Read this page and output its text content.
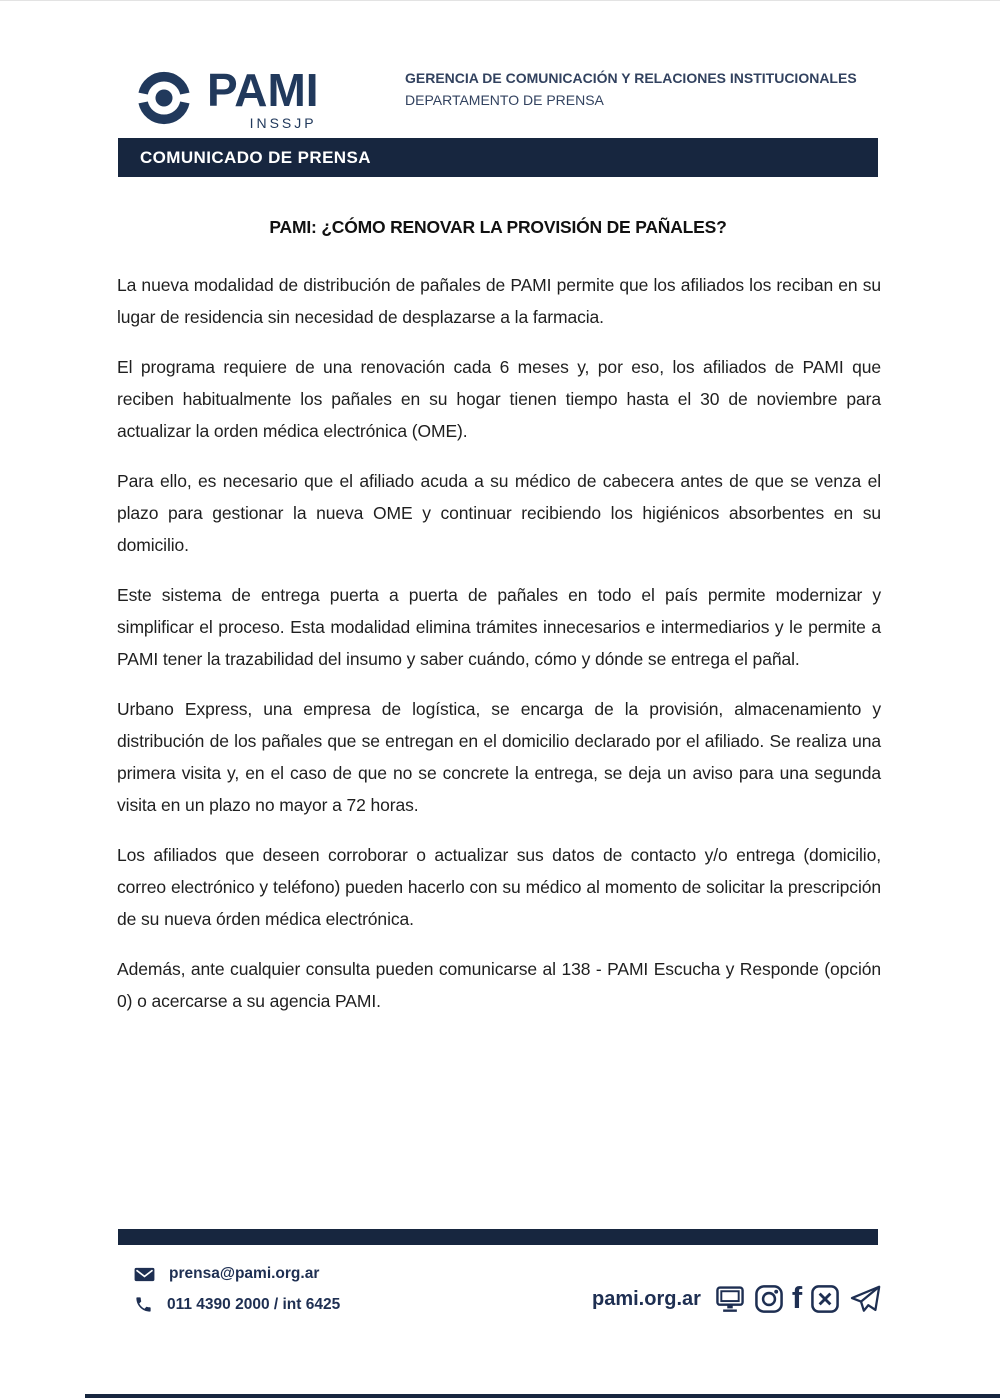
PAMI
INSSJP
GERENCIA DE COMUNICACIÓN Y RELACIONES INSTITUCIONALES
DEPARTAMENTO DE PRENSA
COMUNICADO DE PRENSA
PAMI: ¿CÓMO RENOVAR LA PROVISIÓN DE PAÑALES?

La nueva modalidad de distribución de pañales de PAMI permite que los afiliados los reciban en su lugar de residencia sin necesidad de desplazarse a la farmacia.

El programa requiere de una renovación cada 6 meses y, por eso, los afiliados de PAMI que reciben habitualmente los pañales en su hogar tienen tiempo hasta el 30 de noviembre para actualizar la orden médica electrónica (OME).

Para ello, es necesario que el afiliado acuda a su médico de cabecera antes de que se venza el plazo para gestionar la nueva OME y continuar recibiendo los higiénicos absorbentes en su domicilio.

Este sistema de entrega puerta a puerta de pañales en todo el país permite modernizar y simplificar el proceso. Esta modalidad elimina trámites innecesarios e intermediarios y le permite a PAMI tener la trazabilidad del insumo y saber cuándo, cómo y dónde se entrega el pañal.

Urbano Express, una empresa de logística, se encarga de la provisión, almacenamiento y distribución de los pañales que se entregan en el domicilio declarado por el afiliado. Se realiza una primera visita y, en el caso de que no se concrete la entrega, se deja un aviso para una segunda visita en un plazo no mayor a 72 horas.

Los afiliados que deseen corroborar o actualizar sus datos de contacto y/o entrega (domicilio, correo electrónico y teléfono) pueden hacerlo con su médico al momento de solicitar la prescripción de su nueva órden médica electrónica.

Además, ante cualquier consulta pueden comunicarse al 138 - PAMI Escucha y Responde (opción 0) o acercarse a su agencia PAMI.

prensa@pami.org.ar
011 4390 2000 / int 6425	pami.org.ar	f
